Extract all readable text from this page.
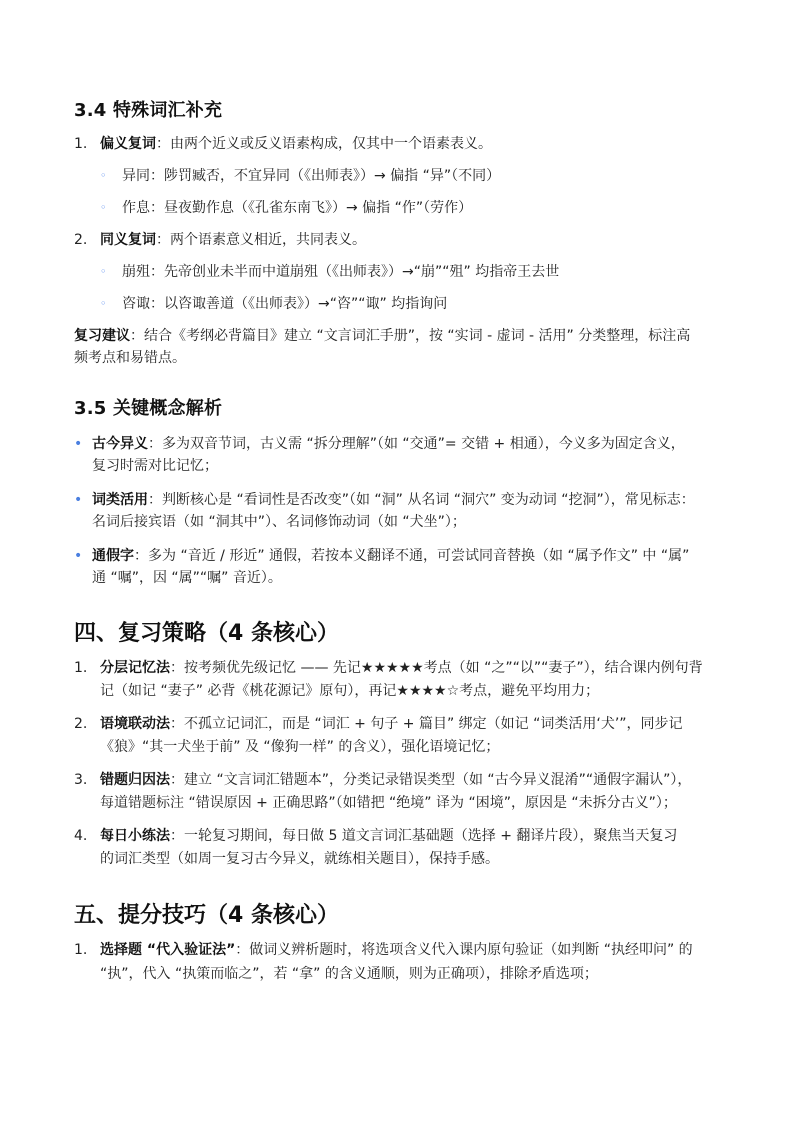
3.4 特殊词汇补充
1. 偏义复词：由两个近义或反义语素构成，仅其中一个语素表义。
◦ 异同：陟罚臧否，不宜异同（《出师表》）→ 偏指 “异”（不同）
◦ 作息：昼夜勤作息（《孔雀东南飞》）→ 偏指 “作”（劳作）
2. 同义复词：两个语素意义相近，共同表义。
◦ 崩殂：先帝创业未半而中道崩殂（《出师表》）→“崩”“殂” 均指帝王去世
◦ 咨诹：以咨诹善道（《出师表》）→“咨”“诹” 均指询问
复习建议：结合《考纲必背篇目》建立 “文言词汇手册”，按 “实词 - 虚词 - 活用” 分类整理，标注高
频考点和易错点。
3.5 关键概念解析
• 古今异义：多为双音节词，古义需 “拆分理解”（如 “交通”= 交错 + 相通），今义多为固定含义，
复习时需对比记忆；
• 词类活用：判断核心是 “看词性是否改变”（如 “洞” 从名词 “洞穴” 变为动词 “挖洞”），常见标志：
名词后接宾语（如 “洞其中”）、名词修饰动词（如 “犬坐”）；
• 通假字：多为 “音近 / 形近” 通假，若按本义翻译不通，可尝试同音替换（如 “属予作文” 中 “属”
通 “嘱”，因 “属”“嘱” 音近）。
四、复习策略（4 条核心）
1. 分层记忆法：按考频优先级记忆 —— 先记★★★★★考点（如 “之”“以”“妻子”），结合课内例句背
记（如记 “妻子” 必背《桃花源记》原句），再记★★★★☆考点，避免平均用力；
2. 语境联动法：不孤立记词汇，而是 “词汇 + 句子 + 篇目” 绑定（如记 “词类活用‘犬’”，同步记
《狼》“其一犬坐于前” 及 “像狗一样” 的含义），强化语境记忆；
3. 错题归因法：建立 “文言词汇错题本”，分类记录错误类型（如 “古今异义混淆”“通假字漏认”），
每道错题标注 “错误原因 + 正确思路”（如错把 “绝境” 译为 “困境”，原因是 “未拆分古义”）；
4. 每日小练法：一轮复习期间，每日做 5 道文言词汇基础题（选择 + 翻译片段），聚焦当天复习
的词汇类型（如周一复习古今异义，就练相关题目），保持手感。
五、提分技巧（4 条核心）
1. 选择题 “代入验证法”：做词义辨析题时，将选项含义代入课内原句验证（如判断 “执经叩问” 的
“执”，代入 “执策而临之”，若 “拿” 的含义通顺，则为正确项），排除矛盾选项；
